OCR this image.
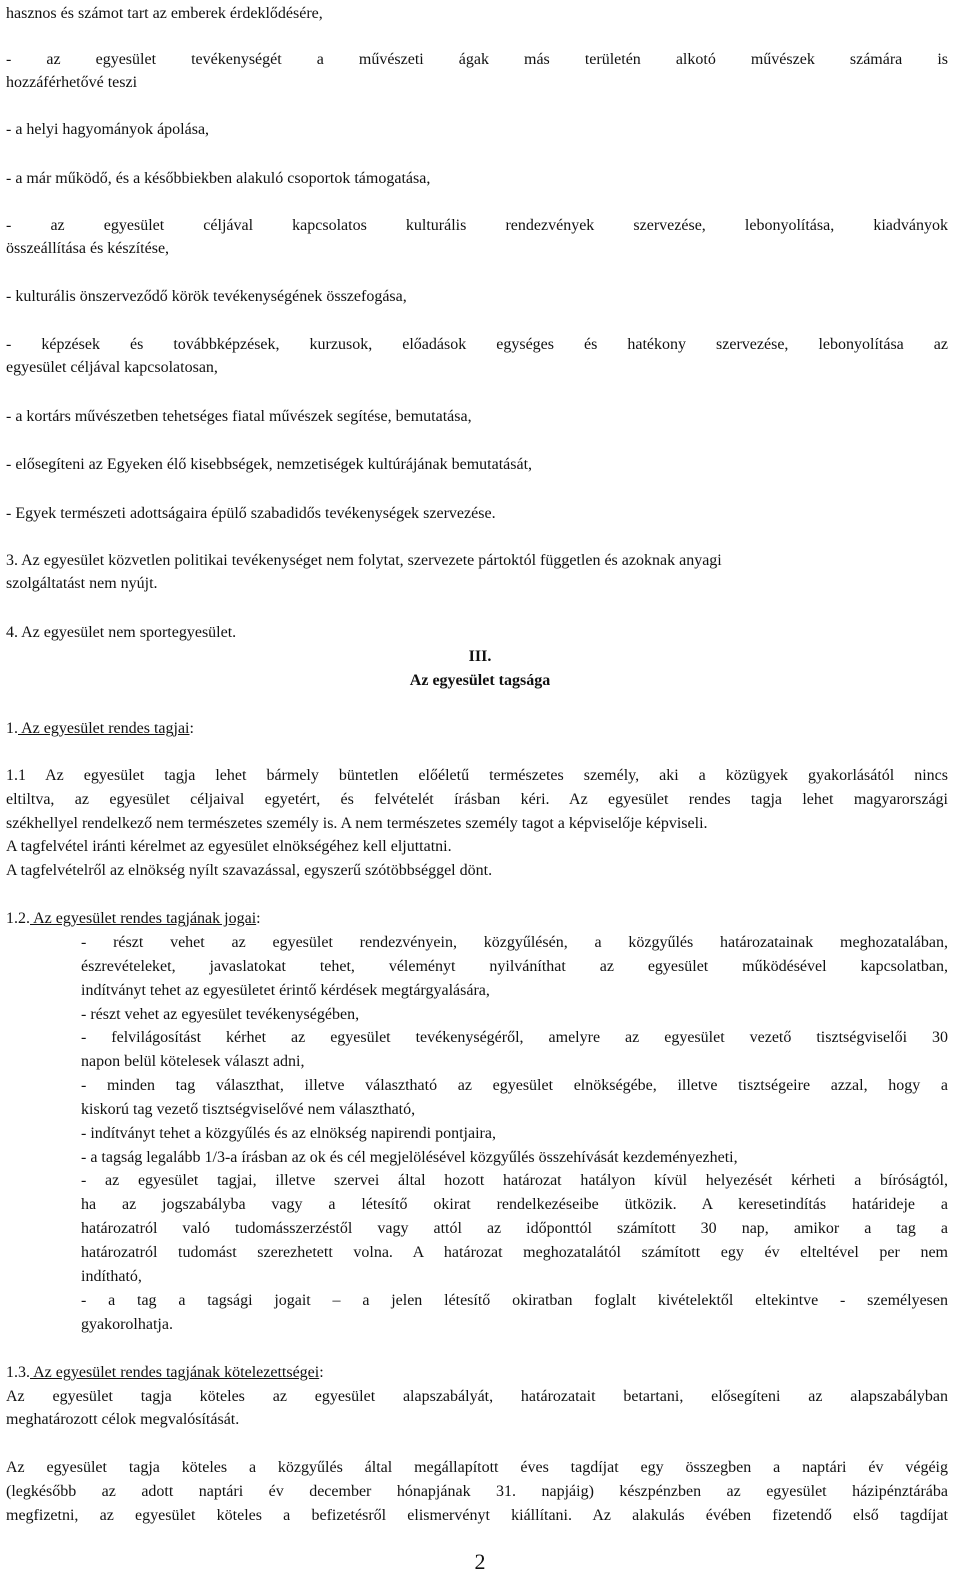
hasznos és számot tart az emberek érdeklődésére,

- az egyesület tevékenységét a művészeti ágak más területén alkotó művészek számára is

hozzáférhetővé teszi

- a helyi hagyományok ápolása,

- a már működő, és a későbbiekben alakuló csoportok támogatása,

- az egyesület céljával kapcsolatos kulturális rendezvények szervezése, lebonyolítása, kiadványok

összeállítása és készítése,

- kulturális önszerveződő körök tevékenységének összefogása,

- képzések és továbbképzések, kurzusok, előadások egységes és hatékony szervezése, lebonyolítása az

egyesület céljával kapcsolatosan,

- a kortárs művészetben tehetséges fiatal művészek segítése, bemutatása,

- elősegíteni az Egyeken élő kisebbségek, nemzetiségek kultúrájának bemutatását,

- Egyek természeti adottságaira épülő szabadidős tevékenységek szervezése.

3. Az egyesület közvetlen politikai tevékenységet nem folytat, szervezete pártoktól független és azoknak anyagi

szolgáltatást nem nyújt.

4. Az egyesület nem sportegyesület.

III.

Az egyesület tagsága

1. Az egyesület rendes tagjai:

1.1 Az egyesület tagja lehet bármely büntetlen előéletű természetes személy, aki a közügyek gyakorlásától nincs

eltiltva, az egyesület céljaival egyetért, és felvételét írásban kéri. Az egyesület rendes tagja lehet magyarországi

székhellyel rendelkező nem természetes személy is. A nem természetes személy tagot a képviselője képviseli.

A tagfelvétel iránti kérelmet az egyesület elnökségéhez kell eljuttatni.

A tagfelvételről az elnökség nyílt szavazással, egyszerű szótöbbséggel dönt.

1.2. Az egyesület rendes tagjának jogai:

- részt vehet az egyesület rendezvényein, közgyűlésén, a közgyűlés határozatainak meghozatalában,

észrevételeket, javaslatokat tehet, véleményt nyilváníthat az egyesület működésével kapcsolatban,

indítványt tehet az egyesületet érintő kérdések megtárgyalására,

- részt vehet az egyesület tevékenységében,

- felvilágosítást kérhet az egyesület tevékenységéről, amelyre az egyesület vezető tisztségviselői 30

napon belül kötelesek választ adni,

- minden tag választhat, illetve választható az egyesület elnökségébe, illetve tisztségeire azzal, hogy a

kiskorú tag vezető tisztségviselővé nem választható,

- indítványt tehet a közgyűlés és az elnökség napirendi pontjaira,

- a tagság legalább 1/3-a írásban az ok és cél megjelölésével közgyűlés összehívását kezdeményezheti,

- az egyesület tagjai, illetve szervei által hozott határozat hatályon kívül helyezését kérheti a bíróságtól,

ha az jogszabályba vagy a létesítő okirat rendelkezéseibe ütközik. A keresetindítás határideje a

határozatról való tudomásszerzéstől vagy attól az időponttól számított 30 nap, amikor a tag a

határozatról tudomást szerezhetett volna. A határozat meghozatalától számított egy év elteltével per nem

indítható,

- a tag a tagsági jogait – a jelen létesítő okiratban foglalt kivételektől eltekintve - személyesen

gyakorolhatja.

1.3. Az egyesület rendes tagjának kötelezettségei:

Az egyesület tagja köteles az egyesület alapszabályát, határozatait betartani, elősegíteni az alapszabályban

meghatározott célok megvalósítását.

Az egyesület tagja köteles a közgyűlés által megállapított éves tagdíjat egy összegben a naptári év végéig

(legkésőbb az adott naptári év december hónapjának 31. napjáig) készpénzben az egyesület házipénztárába

megfizetni, az egyesület köteles a befizetésről elismervényt kiállítani. Az alakulás évében fizetendő első tagdíjat

2
